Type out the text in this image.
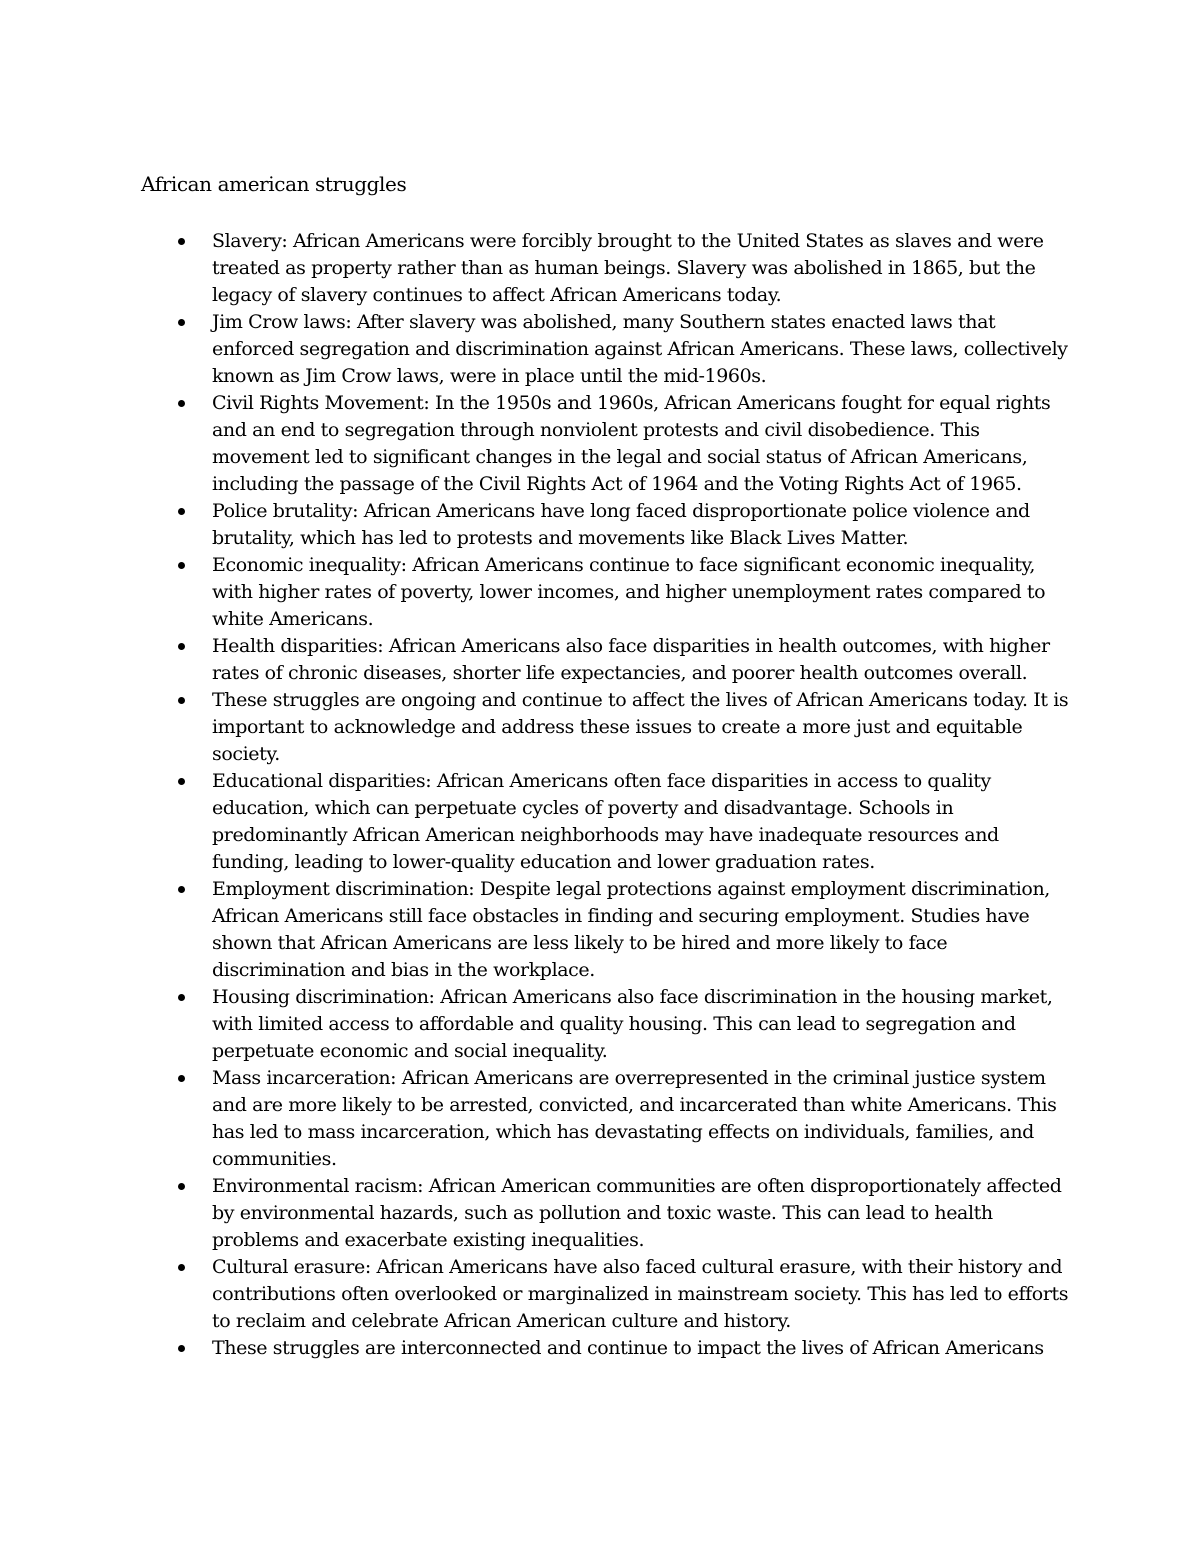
African american struggles
Slavery: African Americans were forcibly brought to the United States as slaves and were treated as property rather than as human beings. Slavery was abolished in 1865, but the legacy of slavery continues to affect African Americans today.
Jim Crow laws: After slavery was abolished, many Southern states enacted laws that enforced segregation and discrimination against African Americans. These laws, collectively known as Jim Crow laws, were in place until the mid-1960s.
Civil Rights Movement: In the 1950s and 1960s, African Americans fought for equal rights and an end to segregation through nonviolent protests and civil disobedience. This movement led to significant changes in the legal and social status of African Americans, including the passage of the Civil Rights Act of 1964 and the Voting Rights Act of 1965.
Police brutality: African Americans have long faced disproportionate police violence and brutality, which has led to protests and movements like Black Lives Matter.
Economic inequality: African Americans continue to face significant economic inequality, with higher rates of poverty, lower incomes, and higher unemployment rates compared to white Americans.
Health disparities: African Americans also face disparities in health outcomes, with higher rates of chronic diseases, shorter life expectancies, and poorer health outcomes overall.
These struggles are ongoing and continue to affect the lives of African Americans today. It is important to acknowledge and address these issues to create a more just and equitable society.
Educational disparities: African Americans often face disparities in access to quality education, which can perpetuate cycles of poverty and disadvantage. Schools in predominantly African American neighborhoods may have inadequate resources and funding, leading to lower-quality education and lower graduation rates.
Employment discrimination: Despite legal protections against employment discrimination, African Americans still face obstacles in finding and securing employment. Studies have shown that African Americans are less likely to be hired and more likely to face discrimination and bias in the workplace.
Housing discrimination: African Americans also face discrimination in the housing market, with limited access to affordable and quality housing. This can lead to segregation and perpetuate economic and social inequality.
Mass incarceration: African Americans are overrepresented in the criminal justice system and are more likely to be arrested, convicted, and incarcerated than white Americans. This has led to mass incarceration, which has devastating effects on individuals, families, and communities.
Environmental racism: African American communities are often disproportionately affected by environmental hazards, such as pollution and toxic waste. This can lead to health problems and exacerbate existing inequalities.
Cultural erasure: African Americans have also faced cultural erasure, with their history and contributions often overlooked or marginalized in mainstream society. This has led to efforts to reclaim and celebrate African American culture and history.
These struggles are interconnected and continue to impact the lives of African Americans
